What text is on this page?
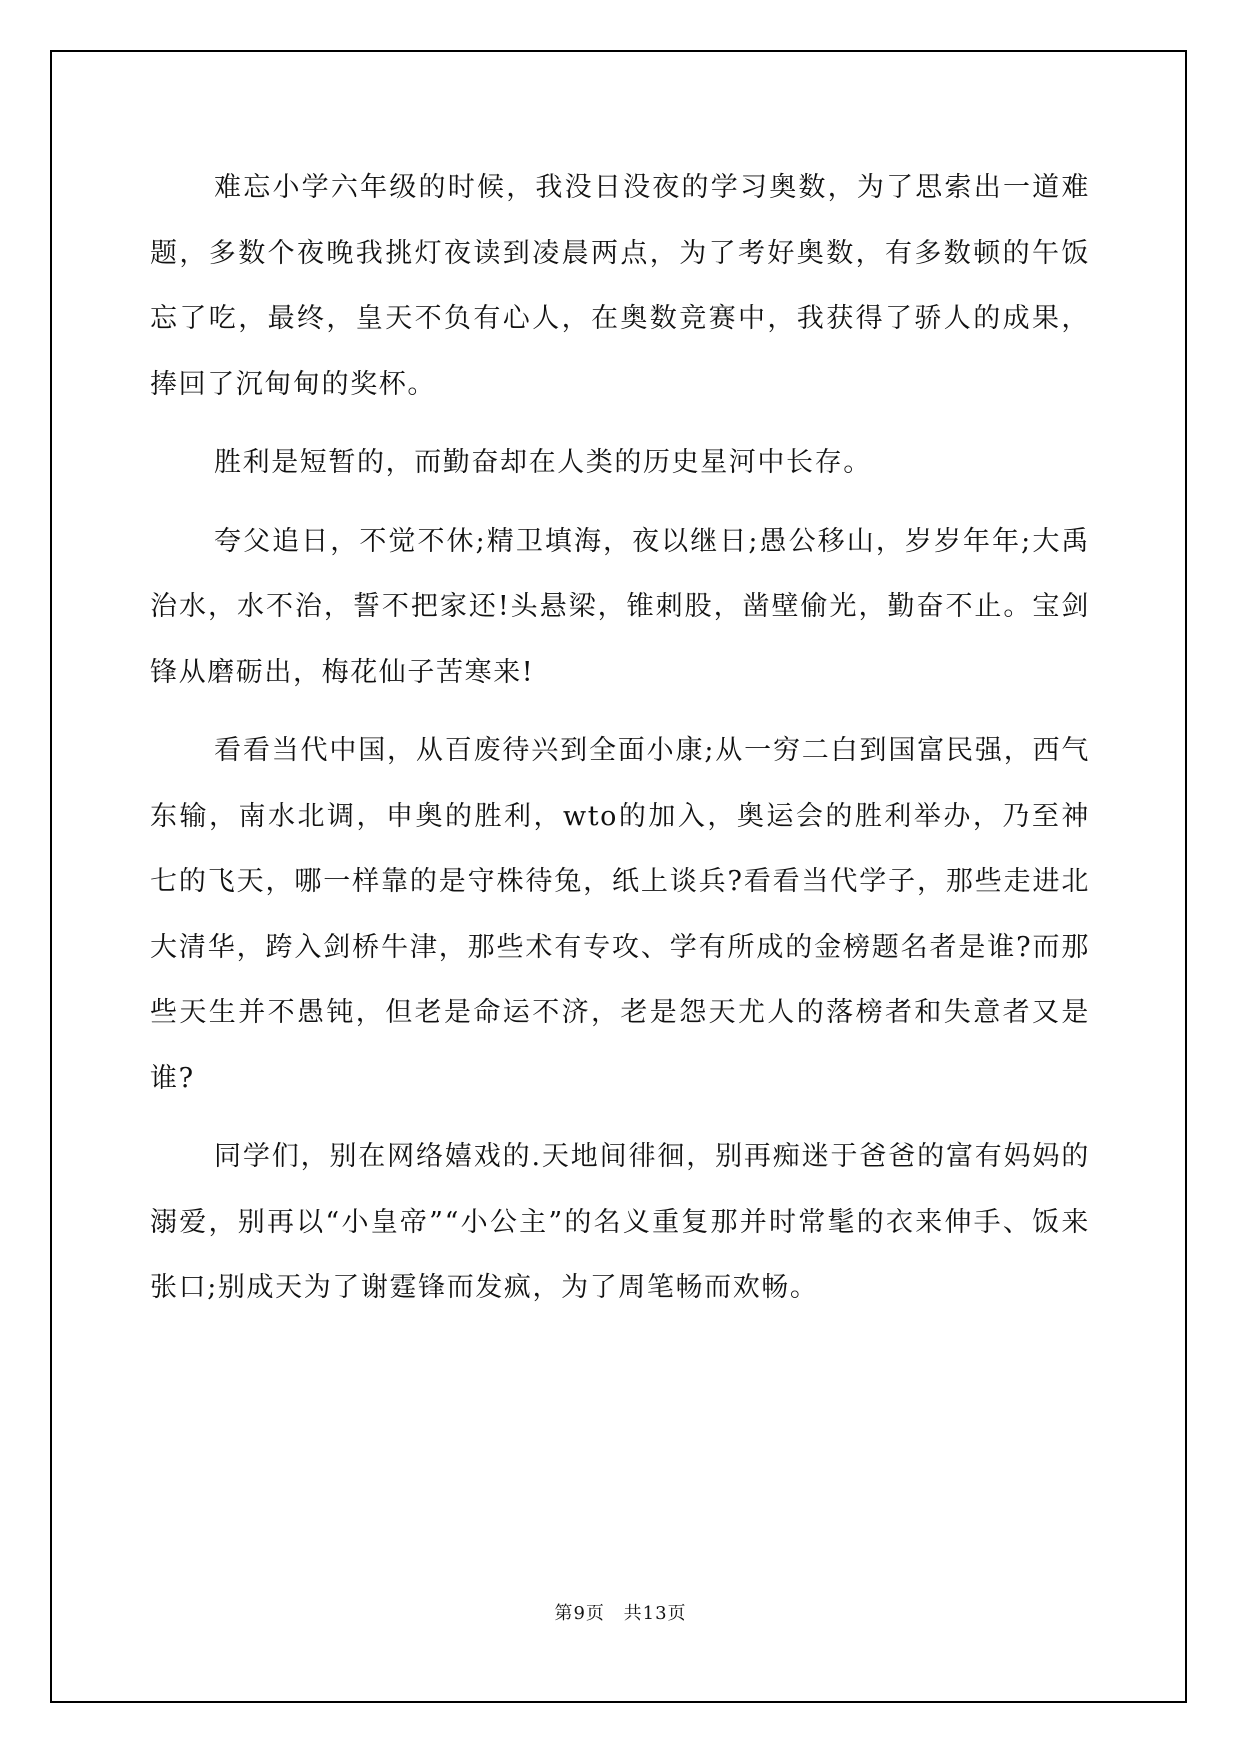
难忘小学六年级的时候，我没日没夜的学习奥数，为了思索出一道难题，多数个夜晚我挑灯夜读到凌晨两点，为了考好奥数，有多数顿的午饭忘了吃，最终，皇天不负有心人，在奥数竞赛中，我获得了骄人的成果，捧回了沉甸甸的奖杯。

胜利是短暂的，而勤奋却在人类的历史星河中长存。

夸父追日，不觉不休;精卫填海，夜以继日;愚公移山，岁岁年年;大禹治水，水不治，誓不把家还!头悬梁，锥刺股，凿壁偷光，勤奋不止。宝剑锋从磨砺出，梅花仙子苦寒来!

看看当代中国，从百废待兴到全面小康;从一穷二白到国富民强，西气东输，南水北调，申奥的胜利，wto的加入，奥运会的胜利举办，乃至神七的飞天，哪一样靠的是守株待兔，纸上谈兵?看看当代学子，那些走进北大清华，跨入剑桥牛津，那些术有专攻、学有所成的金榜题名者是谁?而那些天生并不愚钝，但老是命运不济，老是怨天尤人的落榜者和失意者又是谁?

同学们，别在网络嬉戏的.天地间徘徊，别再痴迷于爸爸的富有妈妈的溺爱，别再以“小皇帝”“小公主”的名义重复那并时常髦的衣来伸手、饭来张口;别成天为了谢霆锋而发疯，为了周笔畅而欢畅。

第9页 共13页
